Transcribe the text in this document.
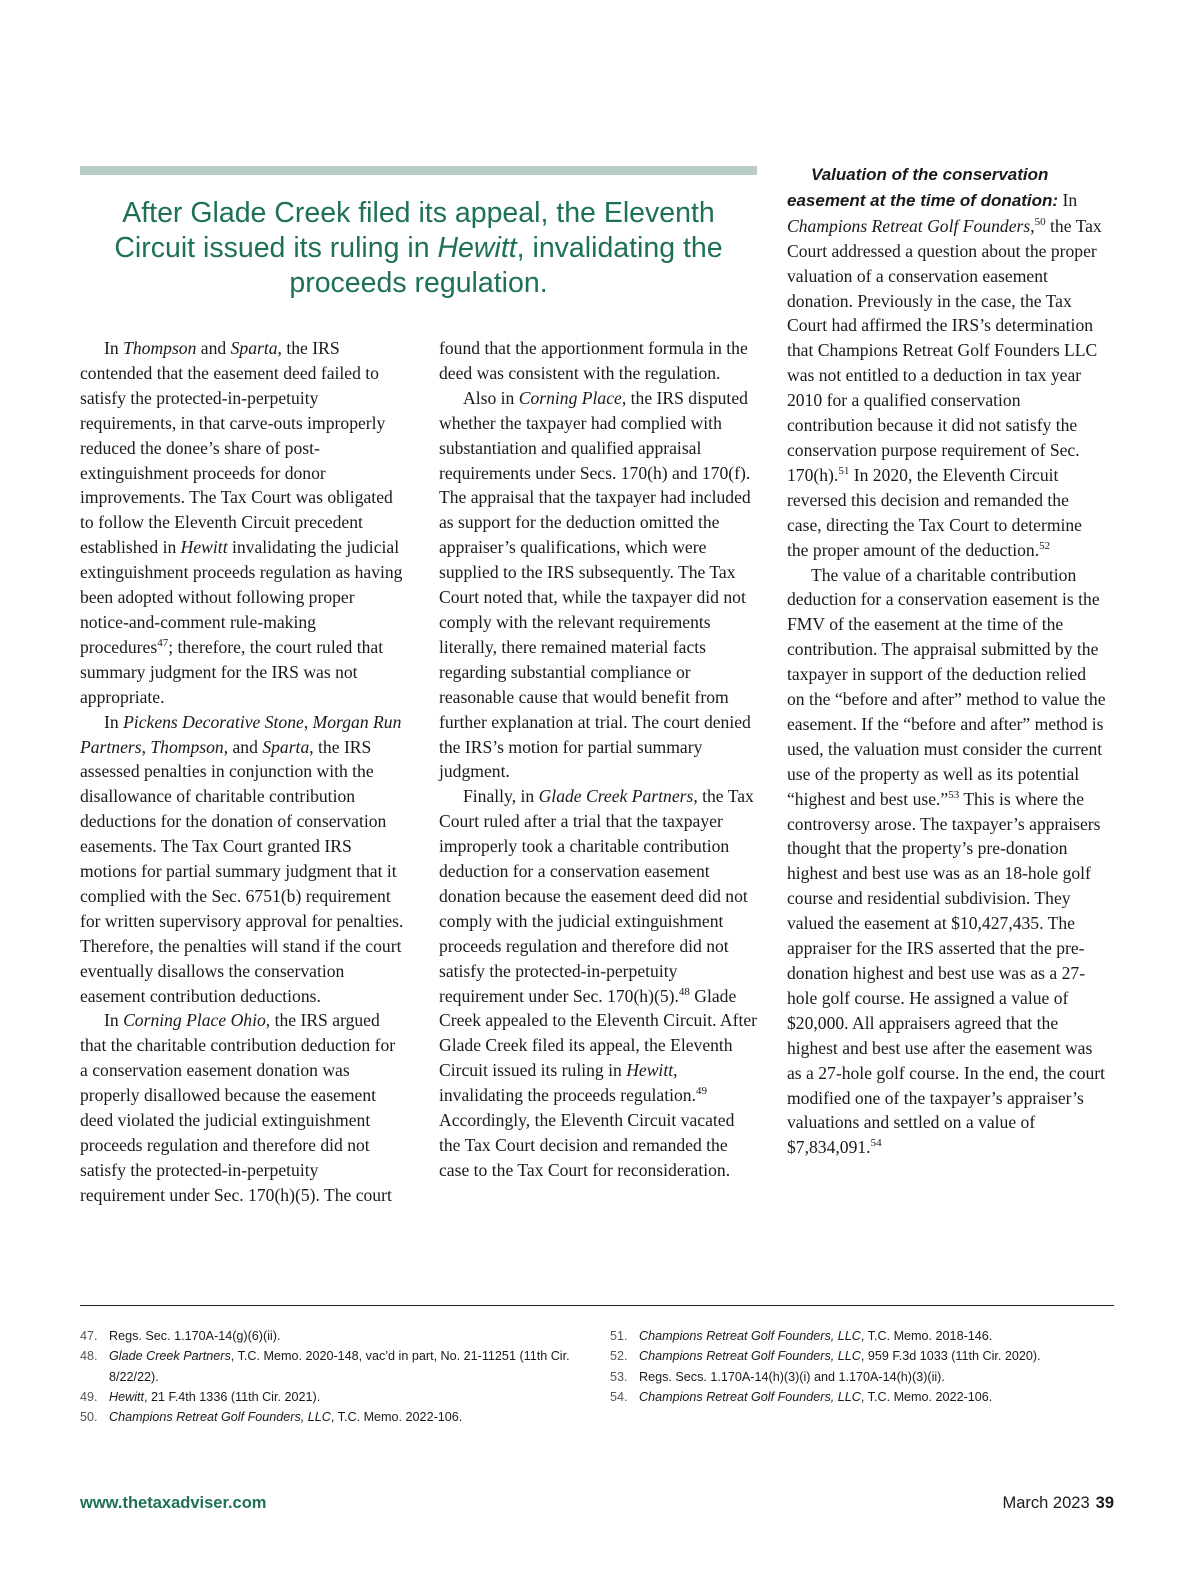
After Glade Creek filed its appeal, the Eleventh Circuit issued its ruling in Hewitt, invalidating the proceeds regulation.

In Thompson and Sparta, the IRS contended that the easement deed failed to satisfy the protected-in-perpetuity requirements, in that carve-outs improperly reduced the donee’s share of post-extinguishment proceeds for donor improvements. The Tax Court was obligated to follow the Eleventh Circuit precedent established in Hewitt invalidating the judicial extinguishment proceeds regulation as having been adopted without following proper notice-and-comment rule-making procedures$^{47}$; therefore, the court ruled that summary judgment for the IRS was not appropriate.

In Pickens Decorative Stone, Morgan Run Partners, Thompson, and Sparta, the IRS assessed penalties in conjunction with the disallowance of charitable contribution deductions for the donation of conservation easements. The Tax Court granted IRS motions for partial summary judgment that it complied with the Sec. 6751(b) requirement for written supervisory approval for penalties. Therefore, the penalties will stand if the court eventually disallows the conservation easement contribution deductions.

In Corning Place Ohio, the IRS argued that the charitable contribution deduction for a conservation easement donation was properly disallowed because the easement deed violated the judicial extinguishment proceeds regulation and therefore did not satisfy the protected-in-perpetuity requirement under Sec. 170(h)(5). The court

found that the apportionment formula in the deed was consistent with the regulation.

Also in Corning Place, the IRS disputed whether the taxpayer had complied with substantiation and qualified appraisal requirements under Secs. 170(h) and 170(f). The appraisal that the taxpayer had included as support for the deduction omitted the appraiser’s qualifications, which were supplied to the IRS subsequently. The Tax Court noted that, while the taxpayer did not comply with the relevant requirements literally, there remained material facts regarding substantial compliance or reasonable cause that would benefit from further explanation at trial. The court denied the IRS’s motion for partial summary judgment.

Finally, in Glade Creek Partners, the Tax Court ruled after a trial that the taxpayer improperly took a charitable contribution deduction for a conservation easement donation because the easement deed did not comply with the judicial extinguishment proceeds regulation and therefore did not satisfy the protected-in-perpetuity requirement under Sec. 170(h)(5).$^{48}$ Glade Creek appealed to the Eleventh Circuit. After Glade Creek filed its appeal, the Eleventh Circuit issued its ruling in Hewitt, invalidating the proceeds regulation.$^{49}$ Accordingly, the Eleventh Circuit vacated the Tax Court decision and remanded the case to the Tax Court for reconsideration.

Valuation of the conservation easement at the time of donation: In Champions Retreat Golf Founders,$^{50}$ the Tax Court addressed a question about the proper valuation of a conservation easement donation. Previously in the case, the Tax Court had affirmed the IRS’s determination that Champions Retreat Golf Founders LLC was not entitled to a deduction in tax year 2010 for a qualified conservation contribution because it did not satisfy the conservation purpose requirement of Sec. 170(h).$^{51}$ In 2020, the Eleventh Circuit reversed this decision and remanded the case, directing the Tax Court to determine the proper amount of the deduction.$^{52}$

The value of a charitable contribution deduction for a conservation easement is the FMV of the easement at the time of the contribution. The appraisal submitted by the taxpayer in support of the deduction relied on the “before and after” method to value the easement. If the “before and after” method is used, the valuation must consider the current use of the property as well as its potential “highest and best use.”$^{53}$ This is where the controversy arose. The taxpayer’s appraisers thought that the property’s pre-donation highest and best use was as an 18-hole golf course and residential subdivision. They valued the easement at $10,427,435. The appraiser for the IRS asserted that the pre-donation highest and best use was as a 27-hole golf course. He assigned a value of $20,000. All appraisers agreed that the highest and best use after the easement was as a 27-hole golf course. In the end, the court modified one of the taxpayer’s appraiser’s valuations and settled on a value of $7,834,091.54

47. Regs. Sec. 1.170A-14(g)(6)(ii).
48. Glade Creek Partners, T.C. Memo. 2020-148, vac’d in part, No. 21-11251 (11th Cir. 8/22/22).
49. Hewitt, 21 F.4th 1336 (11th Cir. 2021).
50. Champions Retreat Golf Founders, LLC, T.C. Memo. 2022-106.
51. Champions Retreat Golf Founders, LLC, T.C. Memo. 2018-146.
52. Champions Retreat Golf Founders, LLC, 959 F.3d 1033 (11th Cir. 2020).
53. Regs. Secs. 1.170A-14(h)(3)(i) and 1.170A-14(h)(3)(ii).
54. Champions Retreat Golf Founders, LLC, T.C. Memo. 2022-106.
www.thetaxadviser.com	March 2023 39
